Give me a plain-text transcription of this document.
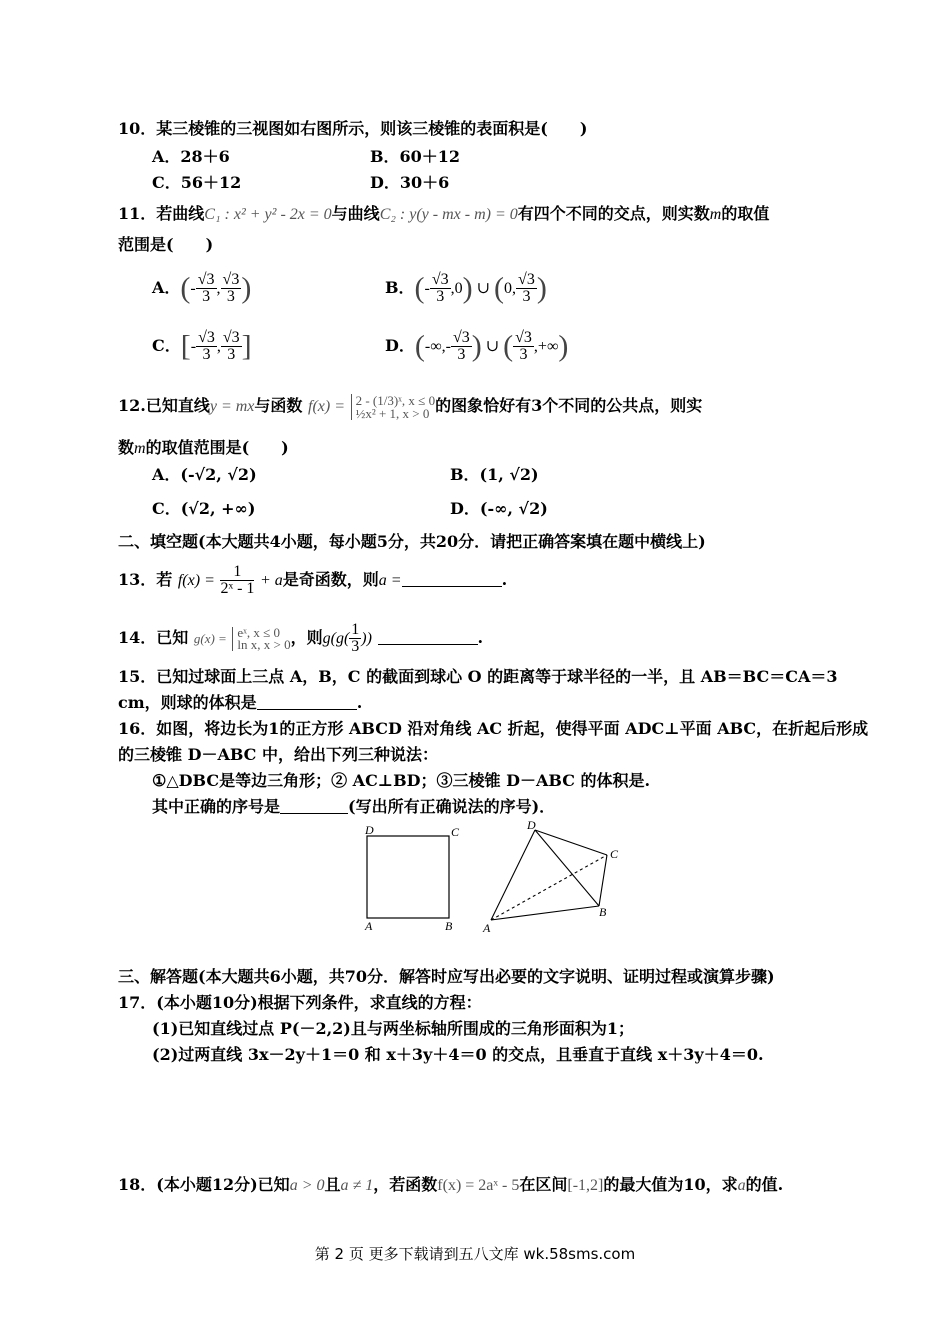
10．某三棱锥的三视图如右图所示，则该三棱锥的表面积是(　　)
A．28＋6	B．60＋12
C．56＋12	D．30＋6
11．若曲线C₁ : x² + y² - 2x = 0与曲线C₂ : y(y - mx - m) = 0有四个不同的交点，则实数m的取值
范围是(　　)
A．(- $\frac{√3}{3}$ , $\frac{√3}{3}$ )	B．(- $\frac{√3}{3} ,0$) ∪ (0, $\frac{√3}{3}$ )
C．[- $\frac{√3}{3}$ , $\frac{√3}{3}$ ]	D．(-∞,- $\frac{√3}{3}$ ) ∪ ( $\frac{√3}{3}$ ,+∞)
12.已知直线y = mx与函数 f(x) = 2 - (1/3)ˣ, x ≤ 0
½x² + 1, x > 0 的图象恰好有3个不同的公共点，则实
数m的取值范围是(　　)
A．(-√2, √2)	B．(1, √2)
C．(√2, +∞)	D．(-∞, √2)
二、填空题(本大题共4小题，每小题5分，共20分．请把正确答案填在题中横线上)
13．若 $f(x) = \frac{1}{\text{2ˣ - 1}} + a$是奇函数，则a =	.
14．已知 g(x) = eˣ, x ≤ 0
ln x, x > 0 ，则$g(g( \frac{1}{3}$ ))	.
15．已知过球面上三点 A，B，C 的截面到球心 O 的距离等于球半径的一半，且 AB＝BC＝CA＝3
cm，则球的体积是	.
16．如图，将边长为1的正方形 ABCD 沿对角线 AC 折起，使得平面 ADC⊥平面 ABC，在折起后形成
的三棱锥 D－ABC 中，给出下列三种说法：
①△DBC是等边三角形；② AC⊥BD；③三棱锥 D－ABC 的体积是.
其中正确的序号是	(写出所有正确说法的序号)．
D	C
A	B
D
C
A
B
三、解答题(本大题共6小题，共70分．解答时应写出必要的文字说明、证明过程或演算步骤)
17．(本小题10分)根据下列条件，求直线的方程：
(1)已知直线过点 P(－2,2)且与两坐标轴所围成的三角形面积为1；
(2)过两直线 3x－2y＋1＝0 和 x＋3y＋4＝0 的交点，且垂直于直线 x＋3y＋4＝0.
18．(本小题12分)已知a > 0且a ≠ 1，若函数f(x) = 2aˣ - 5在区间[-1,2]的最大值为10，求a的值.
第 2 页 更多下载请到五八文库 wk.58sms.com
